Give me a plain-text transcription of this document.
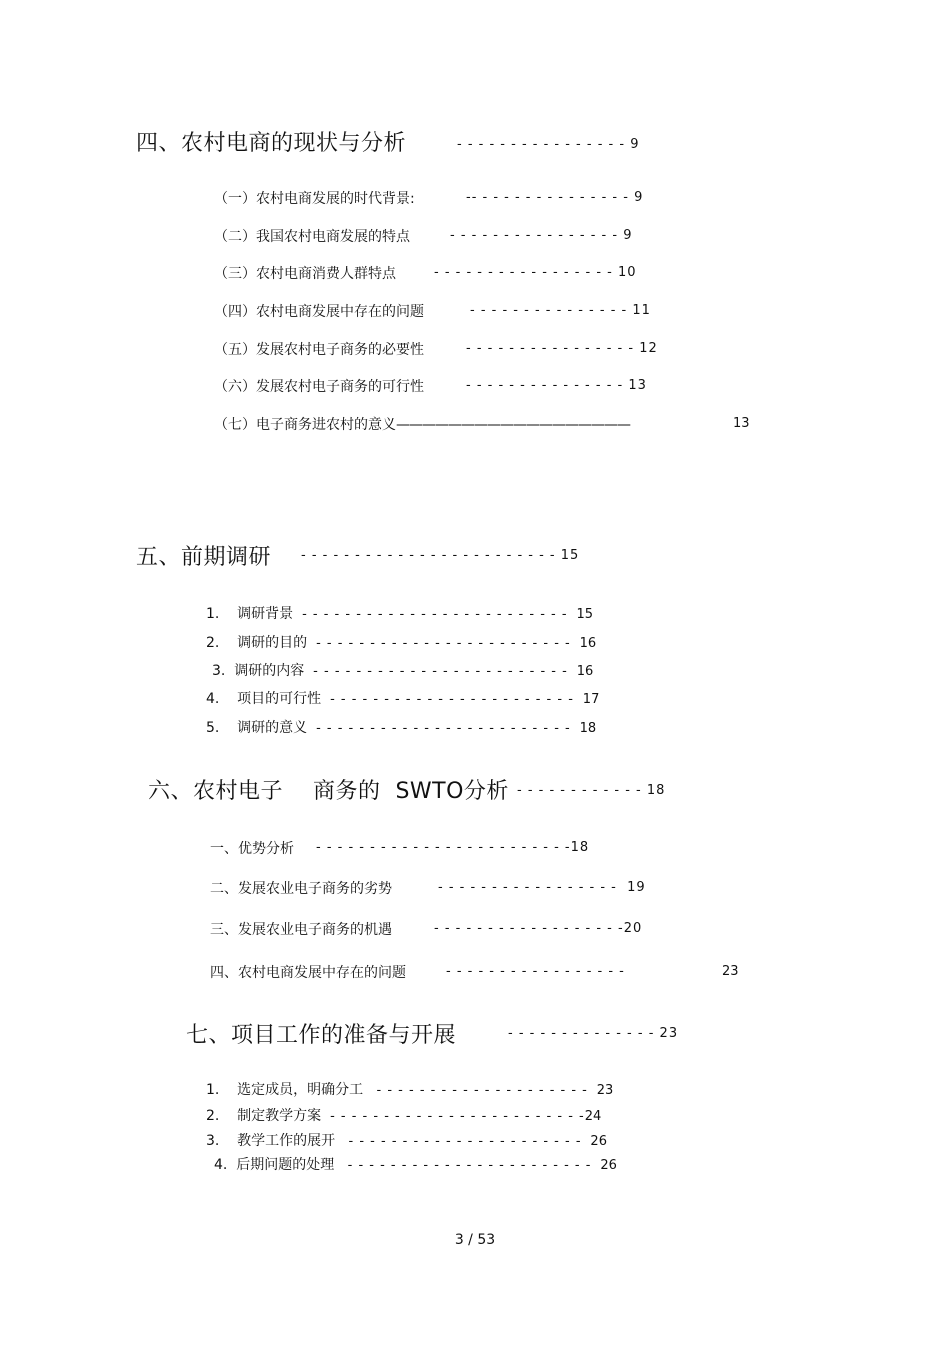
四、农村电商的现状与分析	- - - - - - - - - - - - - - - - 9
（一）农村电商发展的时代背景:	-- - - - - - - - - - - - - - - 9
（二）我国农村电商发展的特点	- - - - - - - - - - - - - - - - 9
（三）农村电商消费人群特点	- - - - - - - - - - - - - - - - - 10
（四）农村电商发展中存在的问题	- - - - - - - - - - - - - - - 11
（五）发展农村电子商务的必要性	- - - - - - - - - - - - - - - - 12
（六）发展农村电子商务的可行性	- - - - - - - - - - - - - - - 13
（七）电子商务进农村的意义——————————————————	13
五、前期调研 - - - - - - - - - - - - - - - - - - - - - - - - 15
1. 调研背景 - - - - - - - - - - - - - - - - - - - - - - - - - 15
2. 调研的目的 - - - - - - - - - - - - - - - - - - - - - - - - 16
3. 调研的内容 - - - - - - - - - - - - - - - - - - - - - - - - 16
4. 项目的可行性 - - - - - - - - - - - - - - - - - - - - - - - 17
5. 调研的意义 - - - - - - - - - - - - - - - - - - - - - - - - 18
六、农村电子    商务的  SWTO分析 - - - - - - - - - - - - 18
一、优势分析 - - - - - - - - - - - - - - - - - - - - - - - -18
二、发展农业电子商务的劣势	- - - - - - - - - - - - - - - - - 19
三、发展农业电子商务的机遇	- - - - - - - - - - - - - - - - - -20
四、农村电商发展中存在的问题	- - - - - - - - - - - - - - - - -	23
七、项目工作的准备与开展	- - - - - - - - - - - - - - 23
1. 选定成员，明确分工 - - - - - - - - - - - - - - - - - - - - 23
2. 制定教学方案 - - - - - - - - - - - - - - - - - - - - - - - -24
3. 教学工作的展开 - - - - - - - - - - - - - - - - - - - - - - 26
4. 后期问题的处理 - - - - - - - - - - - - - - - - - - - - - - - 26
3 / 53
